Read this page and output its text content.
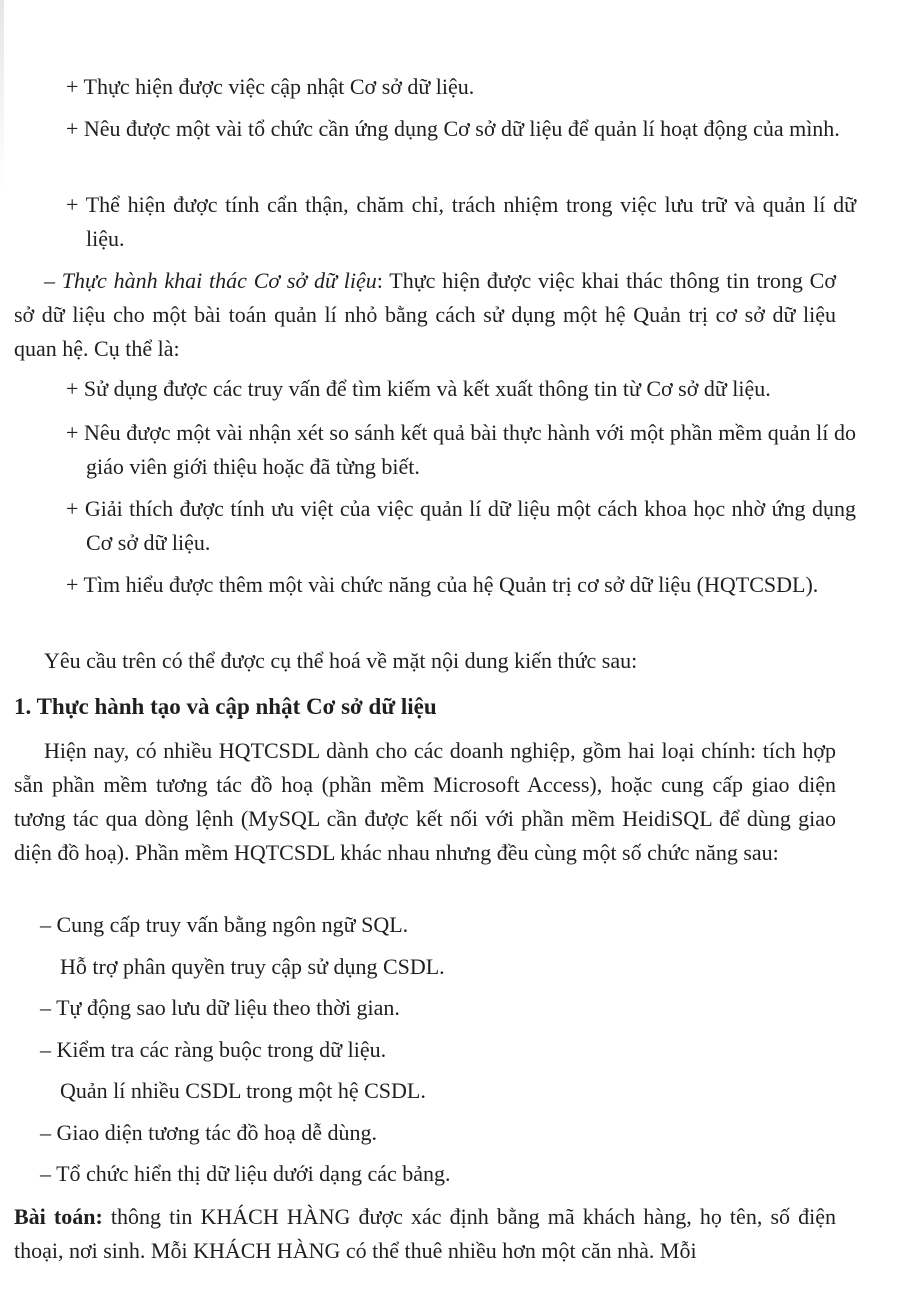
+ Thực hiện được việc cập nhật Cơ sở dữ liệu.

+ Nêu được một vài tổ chức cần ứng dụng Cơ sở dữ liệu để quản lí hoạt động của mình.

+ Thể hiện được tính cẩn thận, chăm chỉ, trách nhiệm trong việc lưu trữ và quản lí dữ liệu.

– Thực hành khai thác Cơ sở dữ liệu: Thực hiện được việc khai thác thông tin trong Cơ sở dữ liệu cho một bài toán quản lí nhỏ bằng cách sử dụng một hệ Quản trị cơ sở dữ liệu quan hệ. Cụ thể là:

+ Sử dụng được các truy vấn để tìm kiếm và kết xuất thông tin từ Cơ sở dữ liệu.

+ Nêu được một vài nhận xét so sánh kết quả bài thực hành với một phần mềm quản lí do giáo viên giới thiệu hoặc đã từng biết.

+ Giải thích được tính ưu việt của việc quản lí dữ liệu một cách khoa học nhờ ứng dụng Cơ sở dữ liệu.

+ Tìm hiểu được thêm một vài chức năng của hệ Quản trị cơ sở dữ liệu (HQTCSDL).

Yêu cầu trên có thể được cụ thể hoá về mặt nội dung kiến thức sau:

1. Thực hành tạo và cập nhật Cơ sở dữ liệu

Hiện nay, có nhiều HQTCSDL dành cho các doanh nghiệp, gồm hai loại chính: tích hợp sẵn phần mềm tương tác đồ hoạ (phần mềm Microsoft Access), hoặc cung cấp giao diện tương tác qua dòng lệnh (MySQL cần được kết nối với phần mềm HeidiSQL để dùng giao diện đồ hoạ). Phần mềm HQTCSDL khác nhau nhưng đều cùng một số chức năng sau:

– Cung cấp truy vấn bằng ngôn ngữ SQL.

Hỗ trợ phân quyền truy cập sử dụng CSDL.

– Tự động sao lưu dữ liệu theo thời gian.

– Kiểm tra các ràng buộc trong dữ liệu.

Quản lí nhiều CSDL trong một hệ CSDL.

– Giao diện tương tác đồ hoạ dễ dùng.

– Tổ chức hiển thị dữ liệu dưới dạng các bảng.

Bài toán: thông tin KHÁCH HÀNG được xác định bằng mã khách hàng, họ tên, số điện thoại, nơi sinh. Mỗi KHÁCH HÀNG có thể thuê nhiều hơn một căn nhà. Mỗi
